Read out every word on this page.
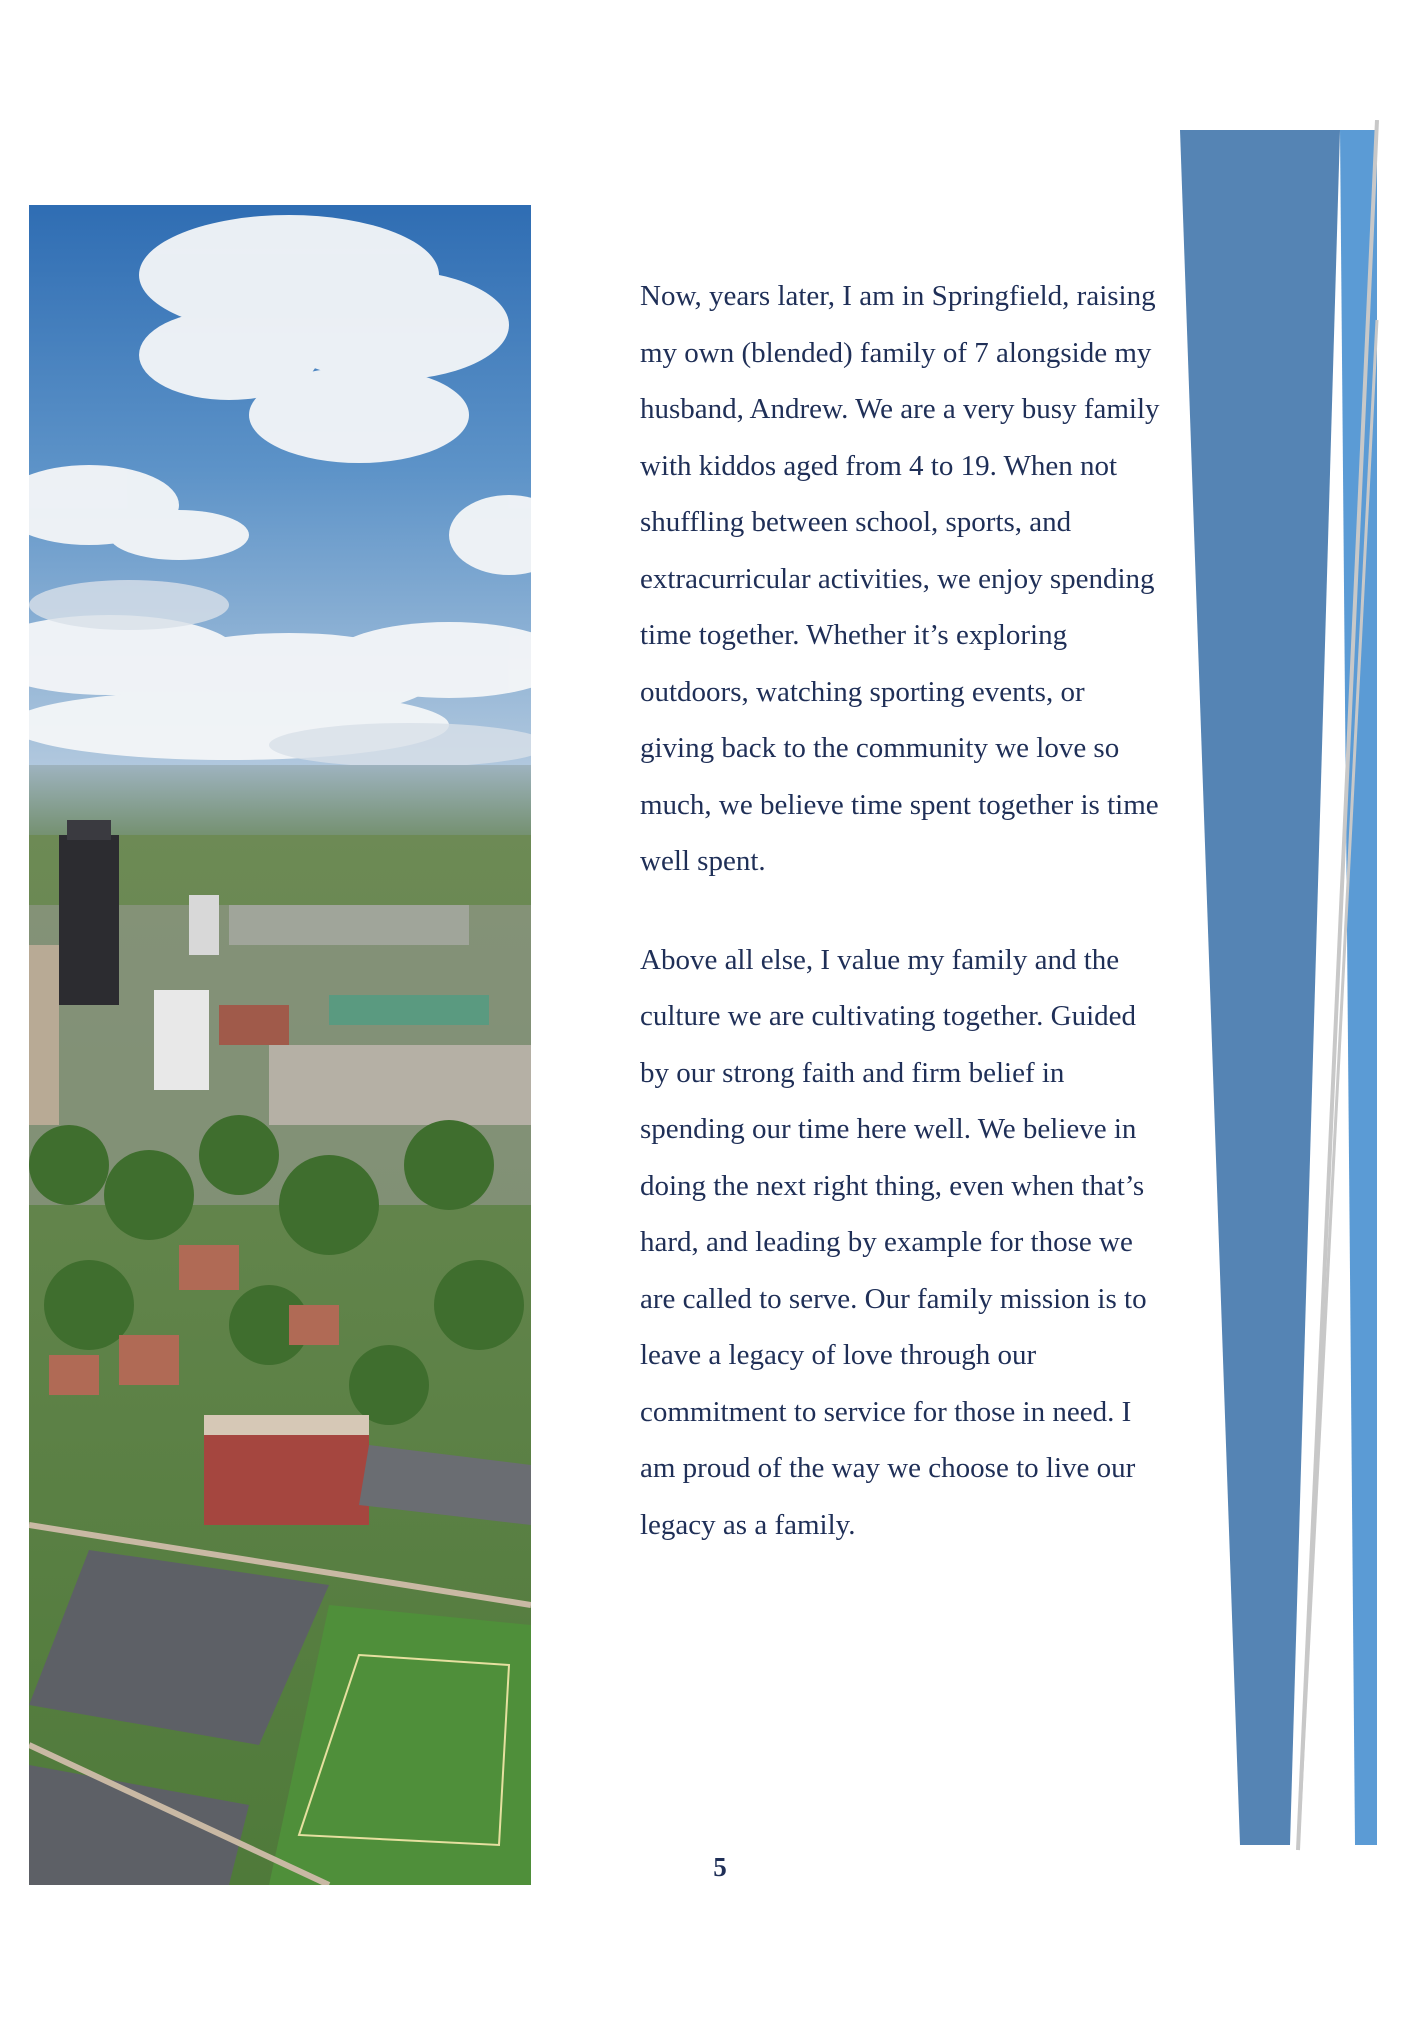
Now, years later, I am in Springfield, raising my own (blended) family of 7 alongside my husband, Andrew. We are a very busy family with kiddos aged from 4 to 19. When not shuffling between school, sports, and extracurricular activities, we enjoy spending time together. Whether it’s exploring outdoors, watching sporting events, or giving back to the community we love so much, we believe time spent together is time well spent.

Above all else, I value my family and the culture we are cultivating together. Guided by our strong faith and firm belief in spending our time here well. We believe in doing the next right thing, even when that’s hard, and leading by example for those we are called to serve. Our family mission is to leave a legacy of love through our commitment to service for those in need. I am proud of the way we choose to live our legacy as a family.

5
